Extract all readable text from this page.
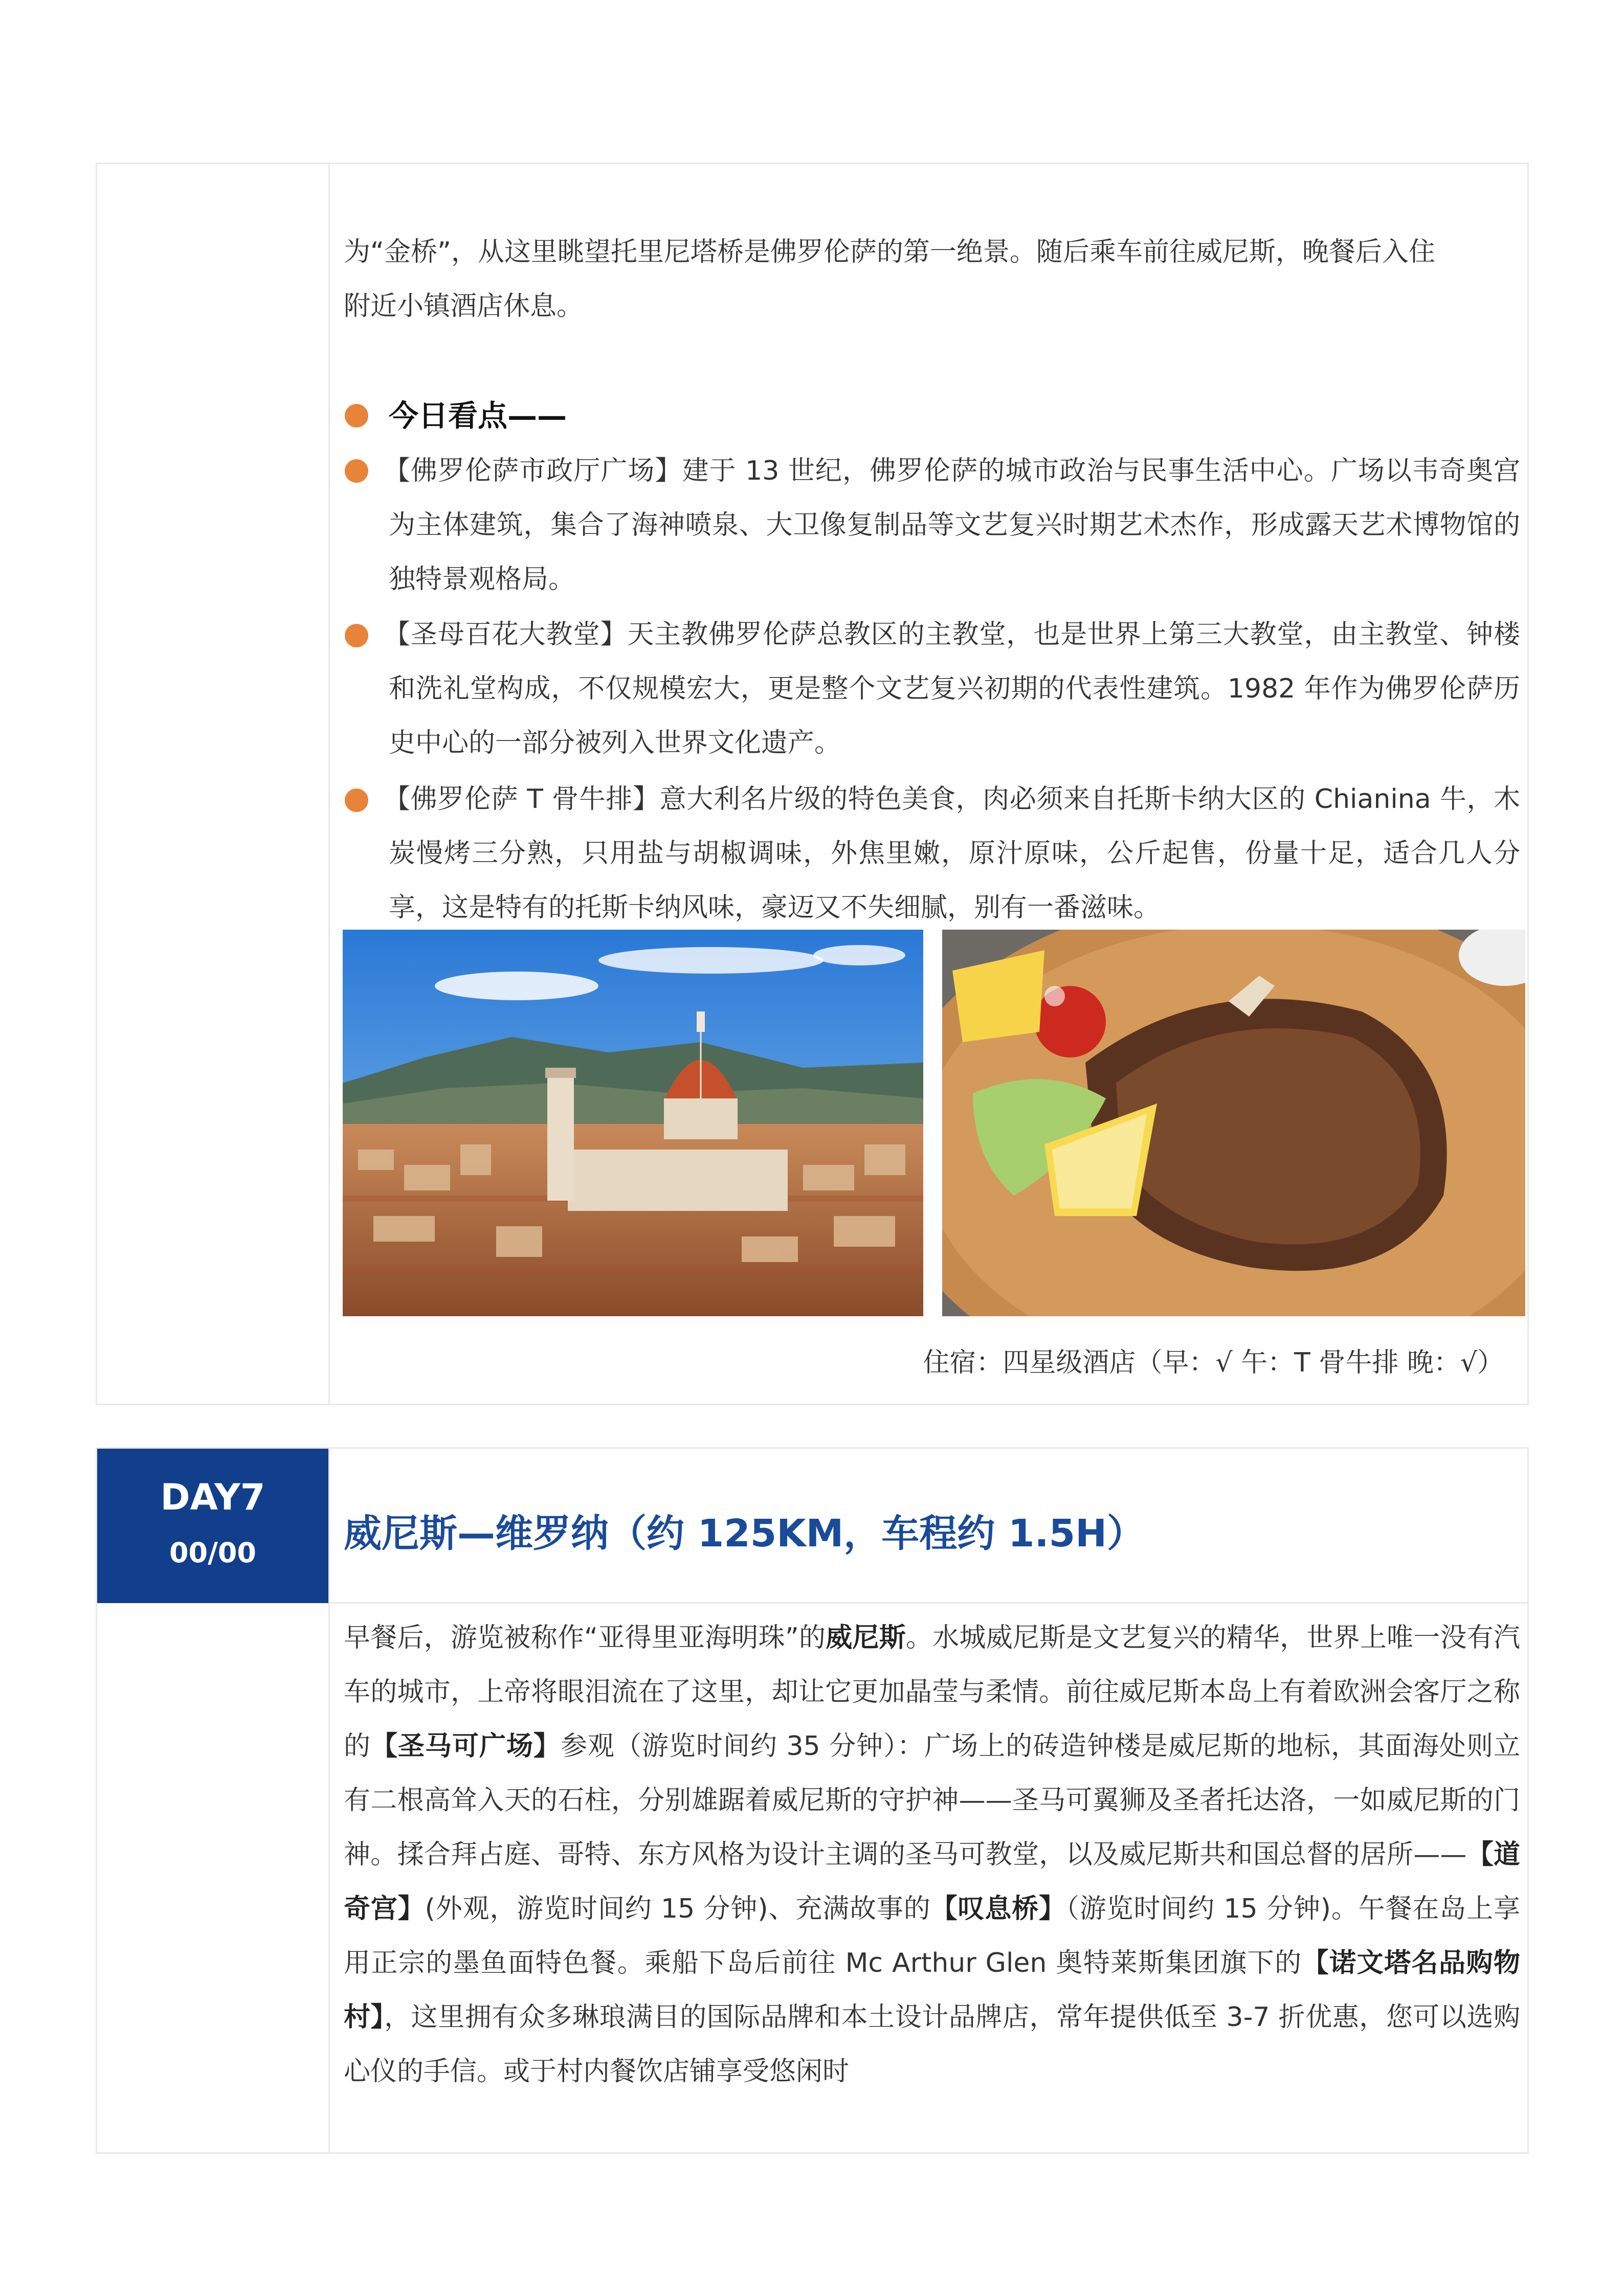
为“金桥”，从这里眺望托里尼塔桥是佛罗伦萨的第一绝景。随后乘车前往威尼斯，晚餐后入住

附近小镇酒店休息。

今日看点——
【佛罗伦萨市政厅广场】建于 13 世纪，佛罗伦萨的城市政治与民事生活中心。广场以韦奇奥宫为主体建筑，集合了海神喷泉、大卫像复制品等文艺复兴时期艺术杰作，形成露天艺术博物馆的独特景观格局。
【圣母百花大教堂】天主教佛罗伦萨总教区的主教堂，也是世界上第三大教堂，由主教堂、钟楼和洗礼堂构成，不仅规模宏大，更是整个文艺复兴初期的代表性建筑。1982 年作为佛罗伦萨历史中心的一部分被列入世界文化遗产。
【佛罗伦萨 T 骨牛排】意大利名片级的特色美食，肉必须来自托斯卡纳大区的 Chianina 牛，木炭慢烤三分熟，只用盐与胡椒调味，外焦里嫩，原汁原味，公斤起售，份量十足，适合几人分享，这是特有的托斯卡纳风味，豪迈又不失细腻，别有一番滋味。
住宿：四星级酒店（早：√ 午：T 骨牛排 晚：√）
DAY7
00/00	威尼斯—维罗纳（约 125KM，车程约 1.5H）

早餐后，游览被称作“亚得里亚海明珠”的威尼斯。水城威尼斯是文艺复兴的精华，世界上唯一没有汽车的城市，上帝将眼泪流在了这里，却让它更加晶莹与柔情。前往威尼斯本岛上有着欧洲会客厅之称的【圣马可广场】参观（游览时间约 35 分钟）：广场上的砖造钟楼是威尼斯的地标，其面海处则立有二根高耸入天的石柱，分别雄踞着威尼斯的守护神——圣马可翼狮及圣者托达洛，一如威尼斯的门神。揉合拜占庭、哥特、东方风格为设计主调的圣马可教堂，以及威尼斯共和国总督的居所——【道奇宫】(外观，游览时间约 15 分钟)、充满故事的【叹息桥】（游览时间约 15 分钟)。午餐在岛上享用正宗的墨鱼面特色餐。乘船下岛后前往 Mc Arthur Glen 奥特莱斯集团旗下的【诺文塔名品购物村】，这里拥有众多琳琅满目的国际品牌和本土设计品牌店，常年提供低至 3-7 折优惠，您可以选购心仪的手信。或于村内餐饮店铺享受悠闲时
